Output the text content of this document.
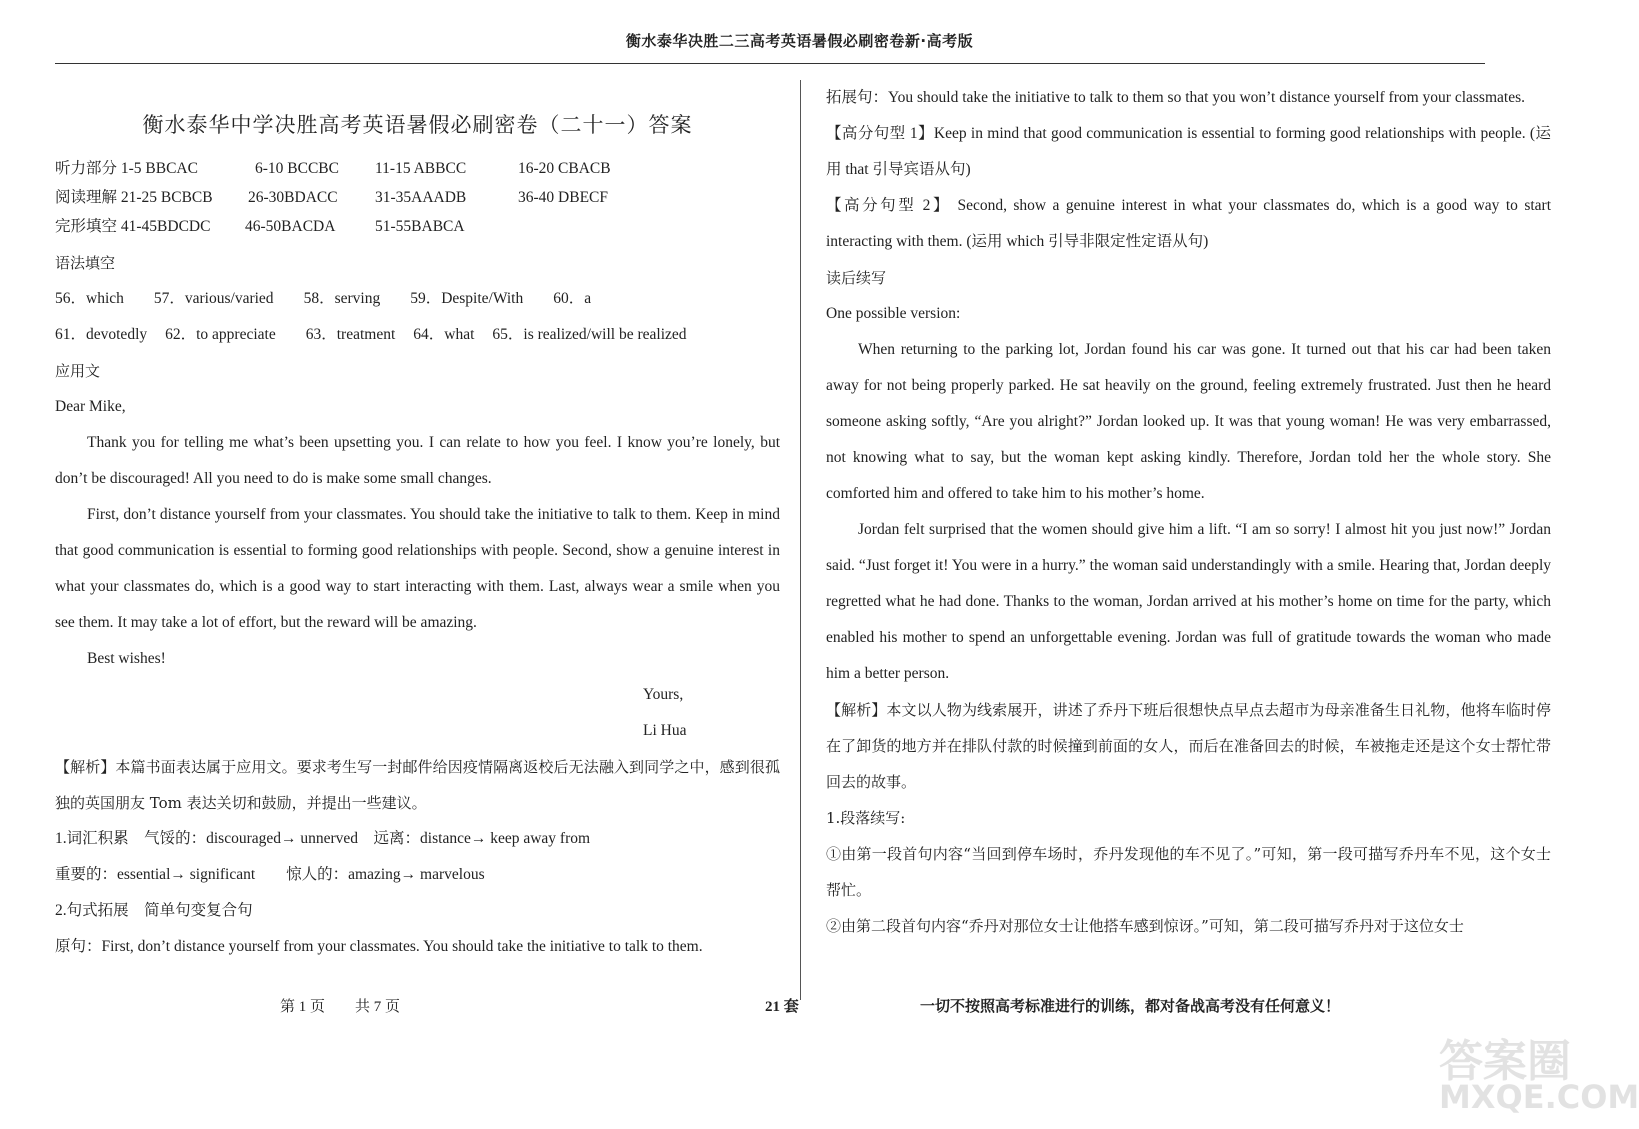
衡水泰华决胜二三高考英语暑假必刷密卷新·高考版
衡水泰华中学决胜高考英语暑假必刷密卷（二十一）答案
听力部分 1-5 BBCAC	6-10 BCCBC 11-15 ABBCC	16-20 CBACB
阅读理解 21-25 BCBCB 26-30BDACC 31-35AAADB	36-40 DBECF
完形填空 41-45BDCDC 46-50BACDA	51-55BABCA
语法填空
56．which 57．various/varied 58．serving 59．Despite/With 60．a
61．devotedly 62．to appreciate 63．treatment 64．what 65．is realized/will be realized
应用文

Dear Mike,

Thank you for telling me what’s been upsetting you. I can relate to how you feel. I know you’re lonely, but don’t be discouraged! All you need to do is make some small changes.

First, don’t distance yourself from your classmates. You should take the initiative to talk to them. Keep in mind that good communication is essential to forming good relationships with people. Second, show a genuine interest in what your classmates do, which is a good way to start interacting with them. Last, always wear a smile when you see them. It may take a lot of effort, but the reward will be amazing.

Best wishes!

Yours,

Li Hua

【解析】本篇书面表达属于应用文。要求考生写一封邮件给因疫情隔离返校后无法融入到同学之中，感到很孤独的英国朋友 Tom 表达关切和鼓励，并提出一些建议。

1.词汇积累　气馁的：discouraged→ unnerved　远离：distance→ keep away from

重要的：essential→ significant　　惊人的：amazing→ marvelous

2.句式拓展　简单句变复合句

原句：First, don’t distance yourself from your classmates. You should take the initiative to talk to them.

拓展句：You should take the initiative to talk to them so that you won’t distance yourself from your classmates.

【高分句型 1】Keep in mind that good communication is essential to forming good relationships with people. (运用 that 引导宾语从句)

【高分句型 2】 Second, show a genuine interest in what your classmates do, which is a good way to start interacting with them. (运用 which 引导非限定性定语从句)

读后续写

One possible version:

When returning to the parking lot, Jordan found his car was gone. It turned out that his car had been taken away for not being properly parked. He sat heavily on the ground, feeling extremely frustrated. Just then he heard someone asking softly, “Are you alright?” Jordan looked up. It was that young woman! He was very embarrassed, not knowing what to say, but the woman kept asking kindly. Therefore, Jordan told her the whole story. She comforted him and offered to take him to his mother’s home.

Jordan felt surprised that the women should give him a lift. “I am so sorry! I almost hit you just now!” Jordan said. “Just forget it! You were in a hurry.” the woman said understandingly with a smile. Hearing that, Jordan deeply regretted what he had done. Thanks to the woman, Jordan arrived at his mother’s home on time for the party, which enabled his mother to spend an unforgettable evening. Jordan was full of gratitude towards the woman who made him a better person.

【解析】本文以人物为线索展开，讲述了乔丹下班后很想快点早点去超市为母亲准备生日礼物，他将车临时停在了卸货的地方并在排队付款的时候撞到前面的女人，而后在准备回去的时候，车被拖走还是这个女士帮忙带回去的故事。

1.段落续写:

①由第一段首句内容“当回到停车场时，乔丹发现他的车不见了。”可知，第一段可描写乔丹车不见，这个女士帮忙。

②由第二段首句内容“乔丹对那位女士让他搭车感到惊讶。”可知，第二段可描写乔丹对于这位女士

第 1 页　　共 7 页	21 套	一切不按照高考标准进行的训练，都对备战高考没有任何意义！
答案圈
MXQE.COM
